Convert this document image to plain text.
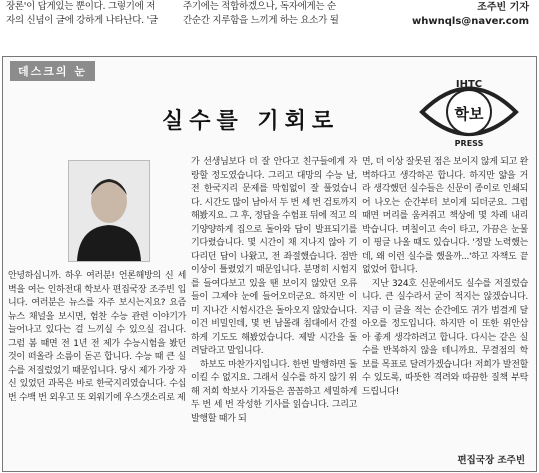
장론'이 답게있는 뿐이다. 그렇기에 저
자의 신념이 글에 강하게 나타난다. '글
주기에는 적합하겠으나, 독자에게는 순
간순간 지루함을 느끼게 하는 요소가 될
조주빈 기자
whwnqls@naver.com
데스크의 눈
실수를 기회로
IHTC
학보
PRESS
안녕하십니까. 하우 여러분! 언론해방의 신 세벽을 여는 인하전대 학보사 편집국장 조주빈 입니다. 여러분은 뉴스를 자주 보시는지요? 요즘 뉴스 채널을 보시면, 험찬 수능 관련 이야기가 늘어나고 있다는 걸 느끼실 수 있으실 겁니다. 그럼 봄 때면 전 1년 전 제가 수능시험을 봤던 것이 떠올라 소름이 돋곤 합니다. 수능 때 큰 실수를 저질렀었기 때문입니다. 당시 제가 가장 자신 있었던 과목은 바로 한국지리였습니다. 수십 번 수백 번 외우고 또 외워기에 우스갯소리로 제
가 선생님보다 더 잘 안다고 친구들에게 자랑할 정도였습니다. 그리고 대망의 수능 날, 전 한국지리 문제를 막힘없이 잘 풀었습니다. 시간도 많이 남아서 두 번 세 번 검토까지 해봤지요. 그 후, 정답을 수험표 뒤에 적고 의기양양하게 집으로 돌아와 답이 발표되기를 기다렸습니다. 몇 시간이 채 지나지 않아 기다리던 답이 나왔고, 전 좌절했습니다. 점반 이상이 틀렸었기 때문입니다. 분명히 시험지를 들여다보고 있을 땐 보이지 않았던 오류들이 그제야 눈에 들어오더군요. 하지만 이미 지나간 시험시간은 돌아오지 않았습니다. 이건 비밀인데, 몇 번 남몰래 침대에서 간절하게 기도도 해봤었습니다. 제발 시간을 돌려달라고 말입니다.
　하보도 마찬가지입니다. 한번 발행하면 돌이킬 수 없지요. 그래서 실수를 하지 않기 위해 저희 학보사 기자들은 꼼꼼하고 세밀하게 두 번 세 번 작성한 기사를 읽습니다. 그리고 발행할 때가 되
면, 더 이상 잘못된 점은 보이지 않게 되고 완벽하다고 생각하곤 합니다. 하지만 얇을 거라 생각했던 실수들은 신문이 종이로 인쇄되어 나오는 순간부터 보이게 되더군요. 그럼 때면 머리를 움켜쥐고 책상에 몇 차례 내리박습니다. 며칠이고 속이 타고, 가끔은 눈물이 핑글 나올 때도 있습니다. '정말 노력했는데, 왜 이런 실수를 했을까...'하고 자책도 끝없었어 합니다.
　지난 324호 신문에서도 실수를 저질렀습니다. 큰 실수라서 굳이 적지는 않겠습니다. 지금 이 글을 적는 순간에도 귀가 범결게 달아오를 정도입니다. 하지만 이 또한 위안삼아 좋게 생각하려고 합니다. 다시는 같은 실수를 반복하지 않을 테니까요. 무결점의 학보를 목표로 달려가겠습니다! 저희가 발전할 수 있도록, 따뜻한 격려와 따끔한 질책 부탁드립니다!
편집국장 조주빈
